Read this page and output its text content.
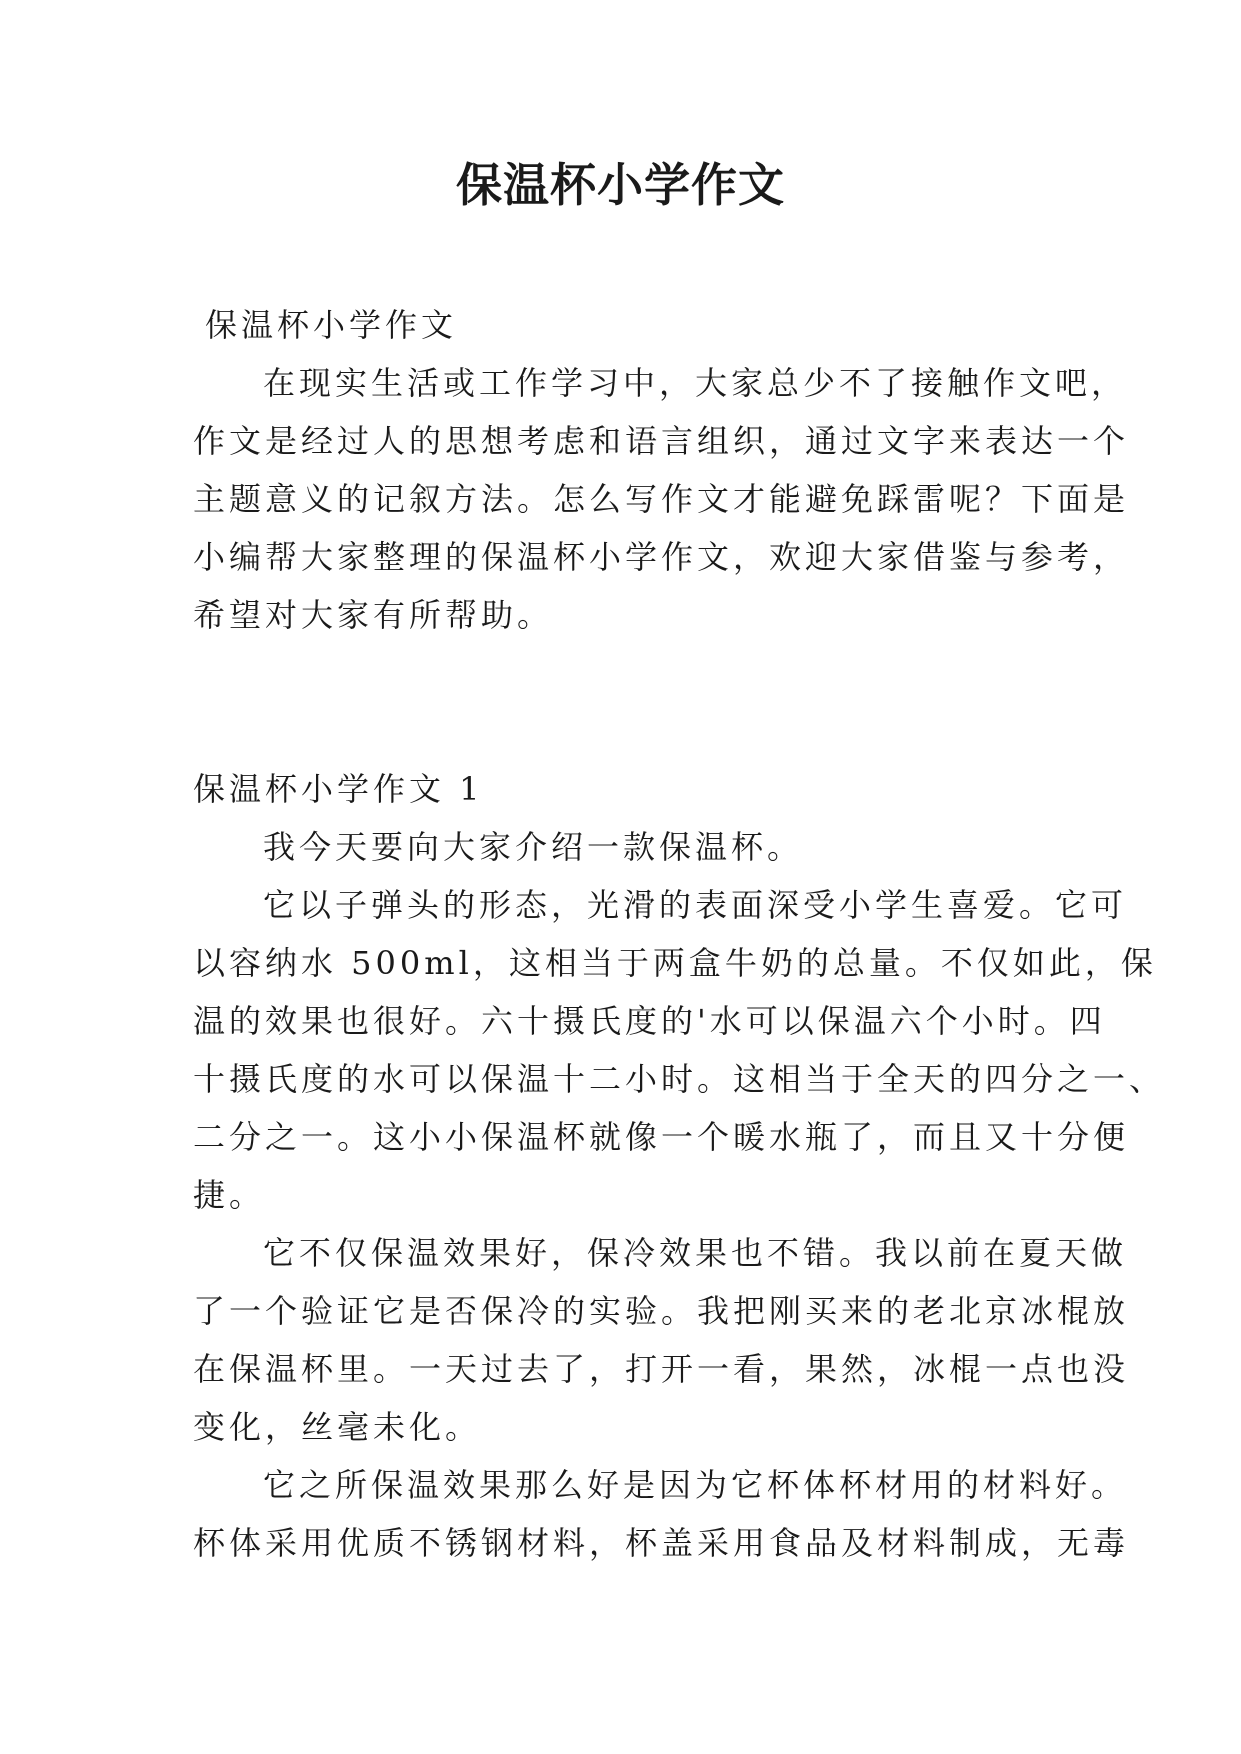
保温杯小学作文
保温杯小学作文
在现实生活或工作学习中，大家总少不了接触作文吧，
作文是经过人的思想考虑和语言组织，通过文字来表达一个
主题意义的记叙方法。怎么写作文才能避免踩雷呢？下面是
小编帮大家整理的保温杯小学作文，欢迎大家借鉴与参考，
希望对大家有所帮助。
保温杯小学作文 1
我今天要向大家介绍一款保温杯。
它以子弹头的形态，光滑的表面深受小学生喜爱。它可
以容纳水 500ml，这相当于两盒牛奶的总量。不仅如此，保
温的效果也很好。六十摄氏度的'水可以保温六个小时。四
十摄氏度的水可以保温十二小时。这相当于全天的四分之一、
二分之一。这小小保温杯就像一个暖水瓶了，而且又十分便
捷。
它不仅保温效果好，保冷效果也不错。我以前在夏天做
了一个验证它是否保冷的实验。我把刚买来的老北京冰棍放
在保温杯里。一天过去了，打开一看，果然，冰棍一点也没
变化，丝毫未化。
它之所保温效果那么好是因为它杯体杯材用的材料好。
杯体采用优质不锈钢材料，杯盖采用食品及材料制成，无毒
